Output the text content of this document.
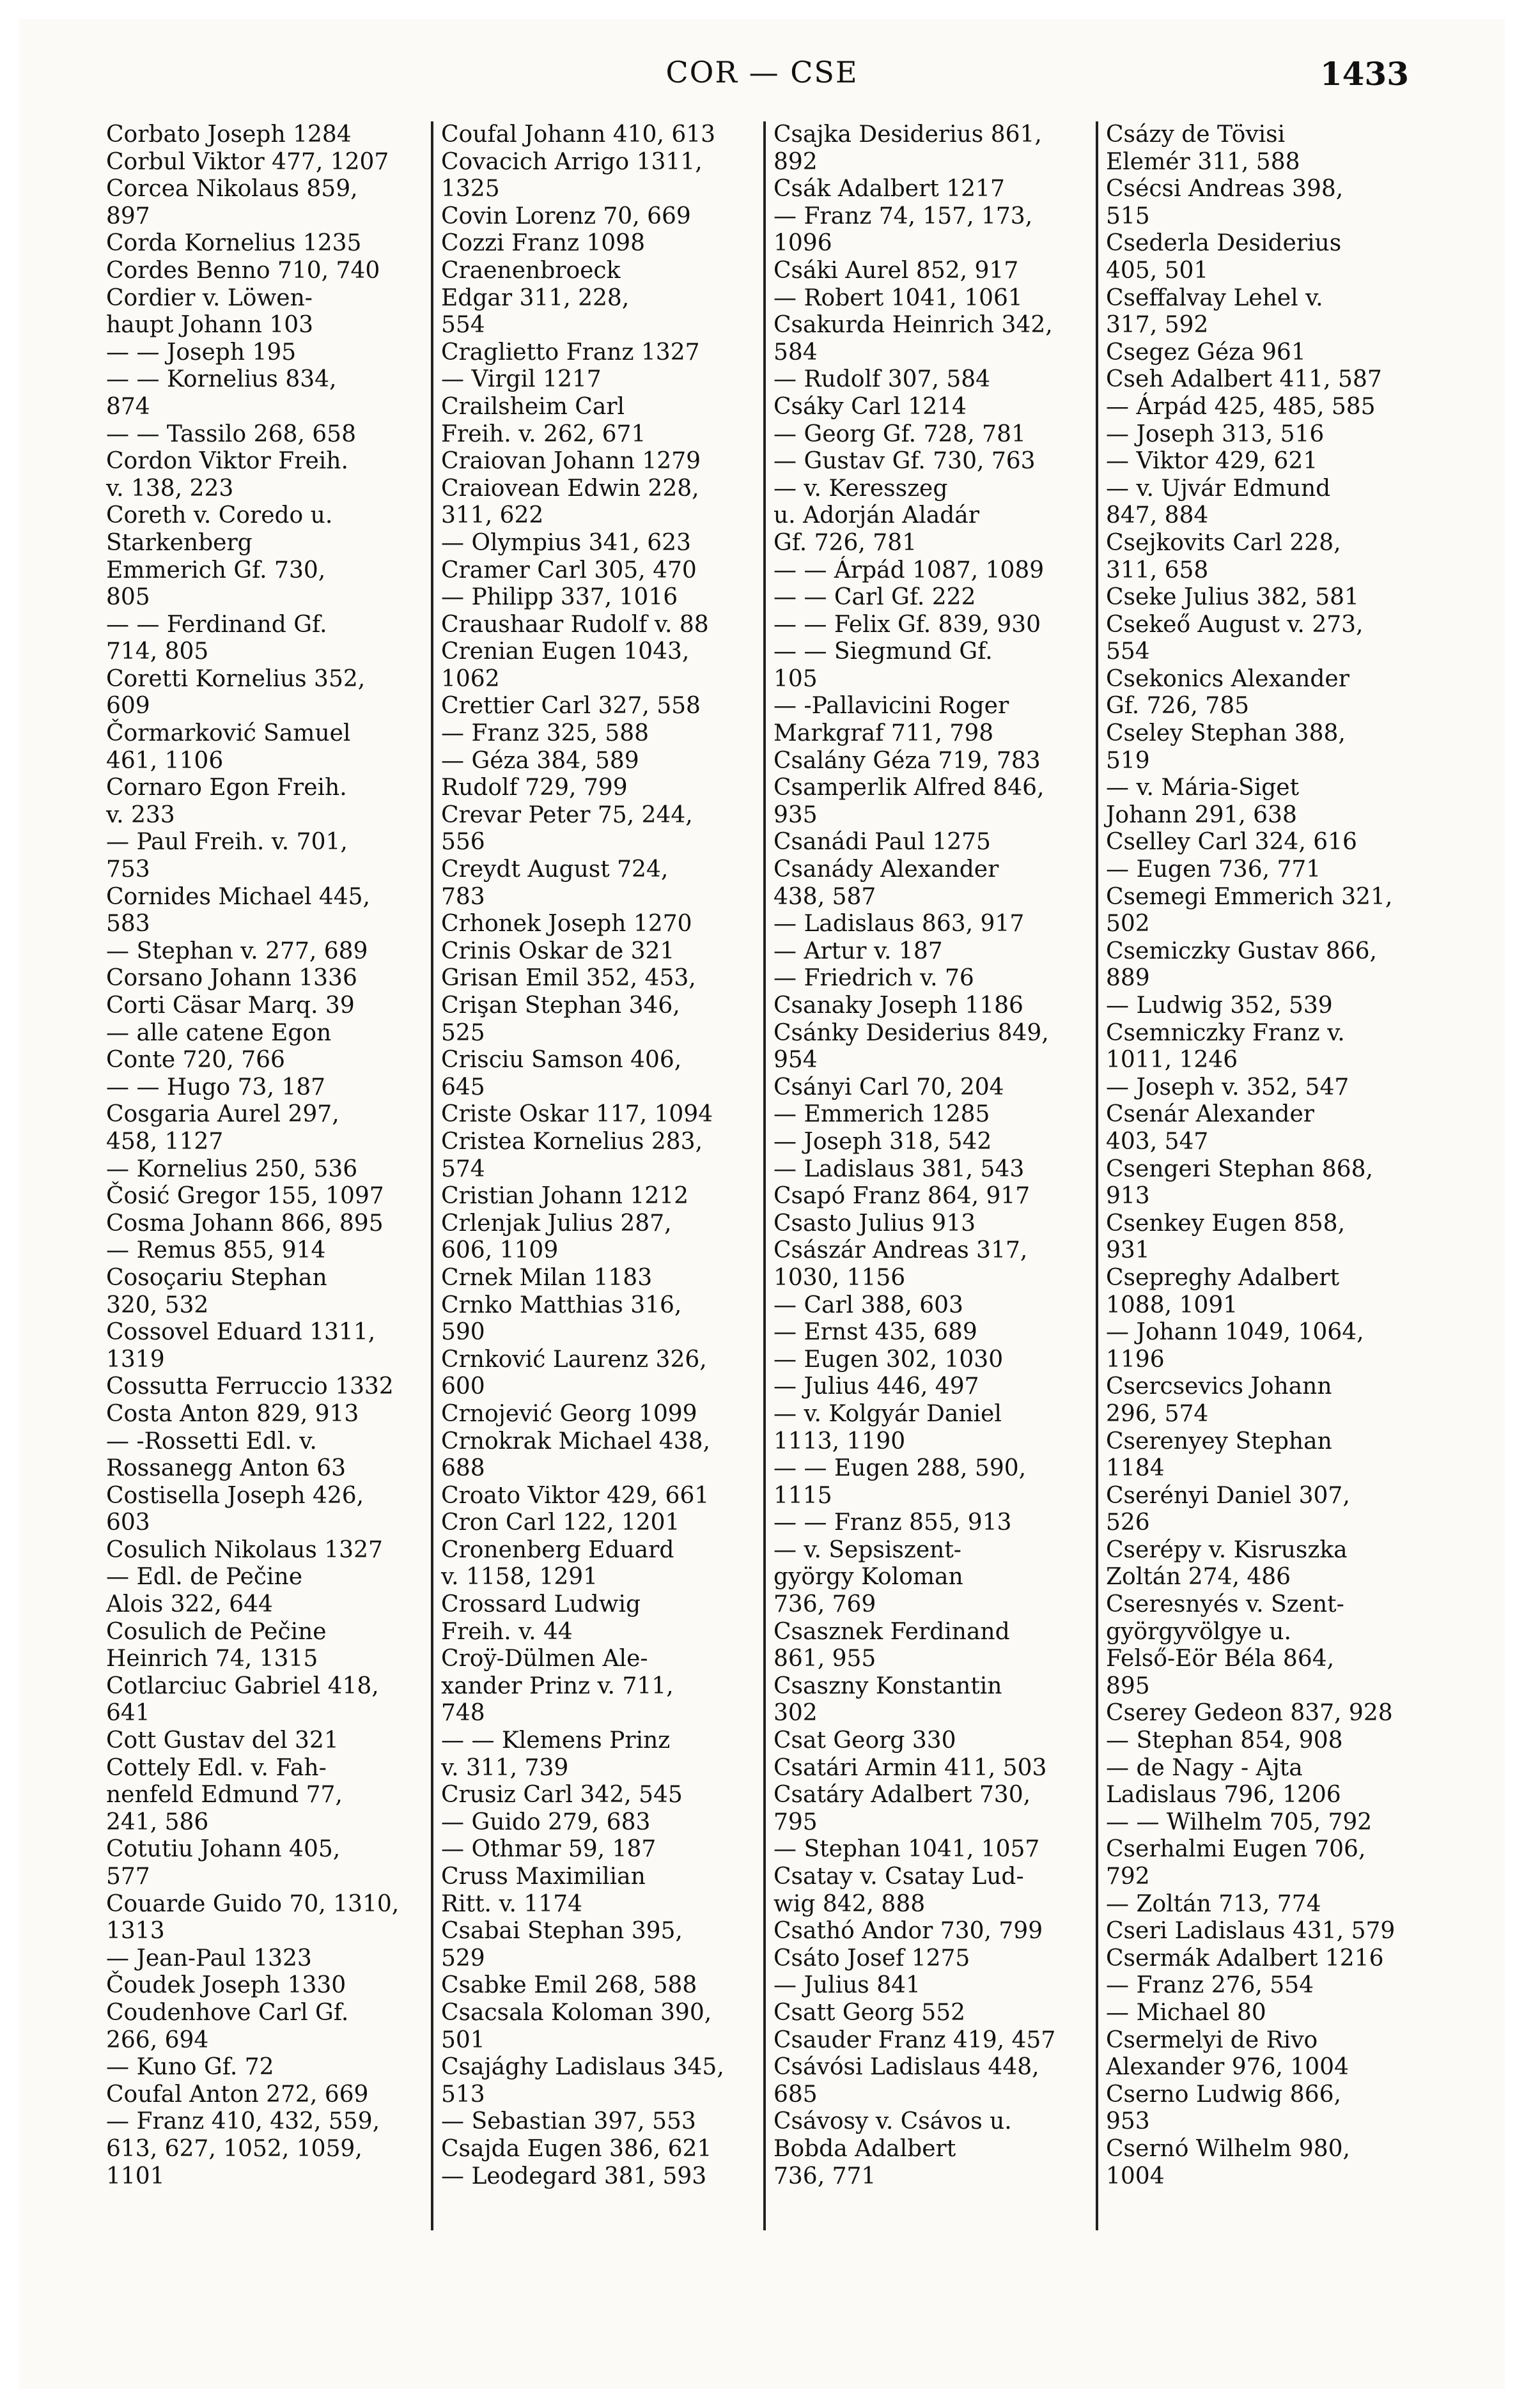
COR — CSE	1433
Corbato Joseph 1284
Corbul Viktor 477, 1207
Corcea Nikolaus 859,
897
Corda Kornelius 1235
Cordes Benno 710, 740
Cordier v. Löwen-
haupt Johann 103
— — Joseph 195
— — Kornelius 834,
874
— — Tassilo 268, 658
Cordon Viktor Freih.
v. 138, 223
Coreth v. Coredo u.
Starkenberg
Emmerich Gf. 730,
805
— — Ferdinand Gf.
714, 805
Coretti Kornelius 352,
609
Čormarković Samuel
461, 1106
Cornaro Egon Freih.
v. 233
— Paul Freih. v. 701,
753
Cornides Michael 445,
583
— Stephan v. 277, 689
Corsano Johann 1336
Corti Cäsar Marq. 39
— alle catene Egon
Conte 720, 766
— — Hugo 73, 187
Cosgaria Aurel 297,
458, 1127
— Kornelius 250, 536
Čosić Gregor 155, 1097
Cosma Johann 866, 895
— Remus 855, 914
Cosoçariu Stephan
320, 532
Cossovel Eduard 1311,
1319
Cossutta Ferruccio 1332
Costa Anton 829, 913
— -Rossetti Edl. v.
Rossanegg Anton 63
Costisella Joseph 426,
603
Cosulich Nikolaus 1327
— Edl. de Pečine
Alois 322, 644
Cosulich de Pečine
Heinrich 74, 1315
Cotlarciuc Gabriel 418,
641
Cott Gustav del 321
Cottely Edl. v. Fah-
nenfeld Edmund 77,
241, 586
Cotutiu Johann 405,
577
Couarde Guido 70, 1310,
1313
— Jean-Paul 1323
Čoudek Joseph 1330
Coudenhove Carl Gf.
266, 694
— Kuno Gf. 72
Coufal Anton 272, 669
— Franz 410, 432, 559,
613, 627, 1052, 1059,
1101
Coufal Johann 410, 613
Covacich Arrigo 1311,
1325
Covin Lorenz 70, 669
Cozzi Franz 1098
Craenenbroeck
Edgar 311, 228,
554
Craglietto Franz 1327
— Virgil 1217
Crailsheim Carl
Freih. v. 262, 671
Craiovan Johann 1279
Craiovean Edwin 228,
311, 622
— Olympius 341, 623
Cramer Carl 305, 470
— Philipp 337, 1016
Craushaar Rudolf v. 88
Crenian Eugen 1043,
1062
Crettier Carl 327, 558
— Franz 325, 588
— Géza 384, 589
Rudolf 729, 799
Crevar Peter 75, 244,
556
Creydt August 724,
783
Crhonek Joseph 1270
Crinis Oskar de 321
Grisan Emil 352, 453,
Crişan Stephan 346,
525
Crisciu Samson 406,
645
Criste Oskar 117, 1094
Cristea Kornelius 283,
574
Cristian Johann 1212
Crlenjak Julius 287,
606, 1109
Crnek Milan 1183
Crnko Matthias 316,
590
Crnković Laurenz 326,
600
Crnojević Georg 1099
Crnokrak Michael 438,
688
Croato Viktor 429, 661
Cron Carl 122, 1201
Cronenberg Eduard
v. 1158, 1291
Crossard Ludwig
Freih. v. 44
Croÿ-Dülmen Ale-
xander Prinz v. 711,
748
— — Klemens Prinz
v. 311, 739
Crusiz Carl 342, 545
— Guido 279, 683
— Othmar 59, 187
Cruss Maximilian
Ritt. v. 1174
Csabai Stephan 395,
529
Csabke Emil 268, 588
Csacsala Koloman 390,
501
Csajághy Ladislaus 345,
513
— Sebastian 397, 553
Csajda Eugen 386, 621
— Leodegard 381, 593
Csajka Desiderius 861,
892
Csák Adalbert 1217
— Franz 74, 157, 173,
1096
Csáki Aurel 852, 917
— Robert 1041, 1061
Csakurda Heinrich 342,
584
— Rudolf 307, 584
Csáky Carl 1214
— Georg Gf. 728, 781
— Gustav Gf. 730, 763
— v. Keresszeg
u. Adorján Aladár
Gf. 726, 781
— — Árpád 1087, 1089
— — Carl Gf. 222
— — Felix Gf. 839, 930
— — Siegmund Gf.
105
— -Pallavicini Roger
Markgraf 711, 798
Csalány Géza 719, 783
Csamperlik Alfred 846,
935
Csanádi Paul 1275
Csanády Alexander
438, 587
— Ladislaus 863, 917
— Artur v. 187
— Friedrich v. 76
Csanaky Joseph 1186
Csánky Desiderius 849,
954
Csányi Carl 70, 204
— Emmerich 1285
— Joseph 318, 542
— Ladislaus 381, 543
Csapó Franz 864, 917
Csasto Julius 913
Császár Andreas 317,
1030, 1156
— Carl 388, 603
— Ernst 435, 689
— Eugen 302, 1030
— Julius 446, 497
— v. Kolgyár Daniel
1113, 1190
— — Eugen 288, 590,
1115
— — Franz 855, 913
— v. Sepsiszent-
györgy Koloman
736, 769
Csasznek Ferdinand
861, 955
Csaszny Konstantin
302
Csat Georg 330
Csatári Armin 411, 503
Csatáry Adalbert 730,
795
— Stephan 1041, 1057
Csatay v. Csatay Lud-
wig 842, 888
Csathó Andor 730, 799
Csáto Josef 1275
— Julius 841
Csatt Georg 552
Csauder Franz 419, 457
Csávósi Ladislaus 448,
685
Csávosy v. Csávos u.
Bobda Adalbert
736, 771
Csázy de Tövisi
Elemér 311, 588
Csécsi Andreas 398,
515
Csederla Desiderius
405, 501
Cseffalvay Lehel v.
317, 592
Csegez Géza 961
Cseh Adalbert 411, 587
— Árpád 425, 485, 585
— Joseph 313, 516
— Viktor 429, 621
— v. Ujvár Edmund
847, 884
Csejkovits Carl 228,
311, 658
Cseke Julius 382, 581
Csekeő August v. 273,
554
Csekonics Alexander
Gf. 726, 785
Cseley Stephan 388,
519
— v. Mária-Siget
Johann 291, 638
Cselley Carl 324, 616
— Eugen 736, 771
Csemegi Emmerich 321,
502
Csemiczky Gustav 866,
889
— Ludwig 352, 539
Csemniczky Franz v.
1011, 1246
— Joseph v. 352, 547
Csenár Alexander
403, 547
Csengeri Stephan 868,
913
Csenkey Eugen 858,
931
Csepreghy Adalbert
1088, 1091
— Johann 1049, 1064,
1196
Csercsevics Johann
296, 574
Cserenyey Stephan
1184
Cserényi Daniel 307,
526
Cserépy v. Kisruszka
Zoltán 274, 486
Cseresnyés v. Szent-
györgyvölgye u.
Felső-Eör Béla 864,
895
Cserey Gedeon 837, 928
— Stephan 854, 908
— de Nagy - Ajta
Ladislaus 796, 1206
— — Wilhelm 705, 792
Cserhalmi Eugen 706,
792
— Zoltán 713, 774
Cseri Ladislaus 431, 579
Csermák Adalbert 1216
— Franz 276, 554
— Michael 80
Csermelyi de Rivo
Alexander 976, 1004
Cserno Ludwig 866,
953
Csernó Wilhelm 980,
1004
